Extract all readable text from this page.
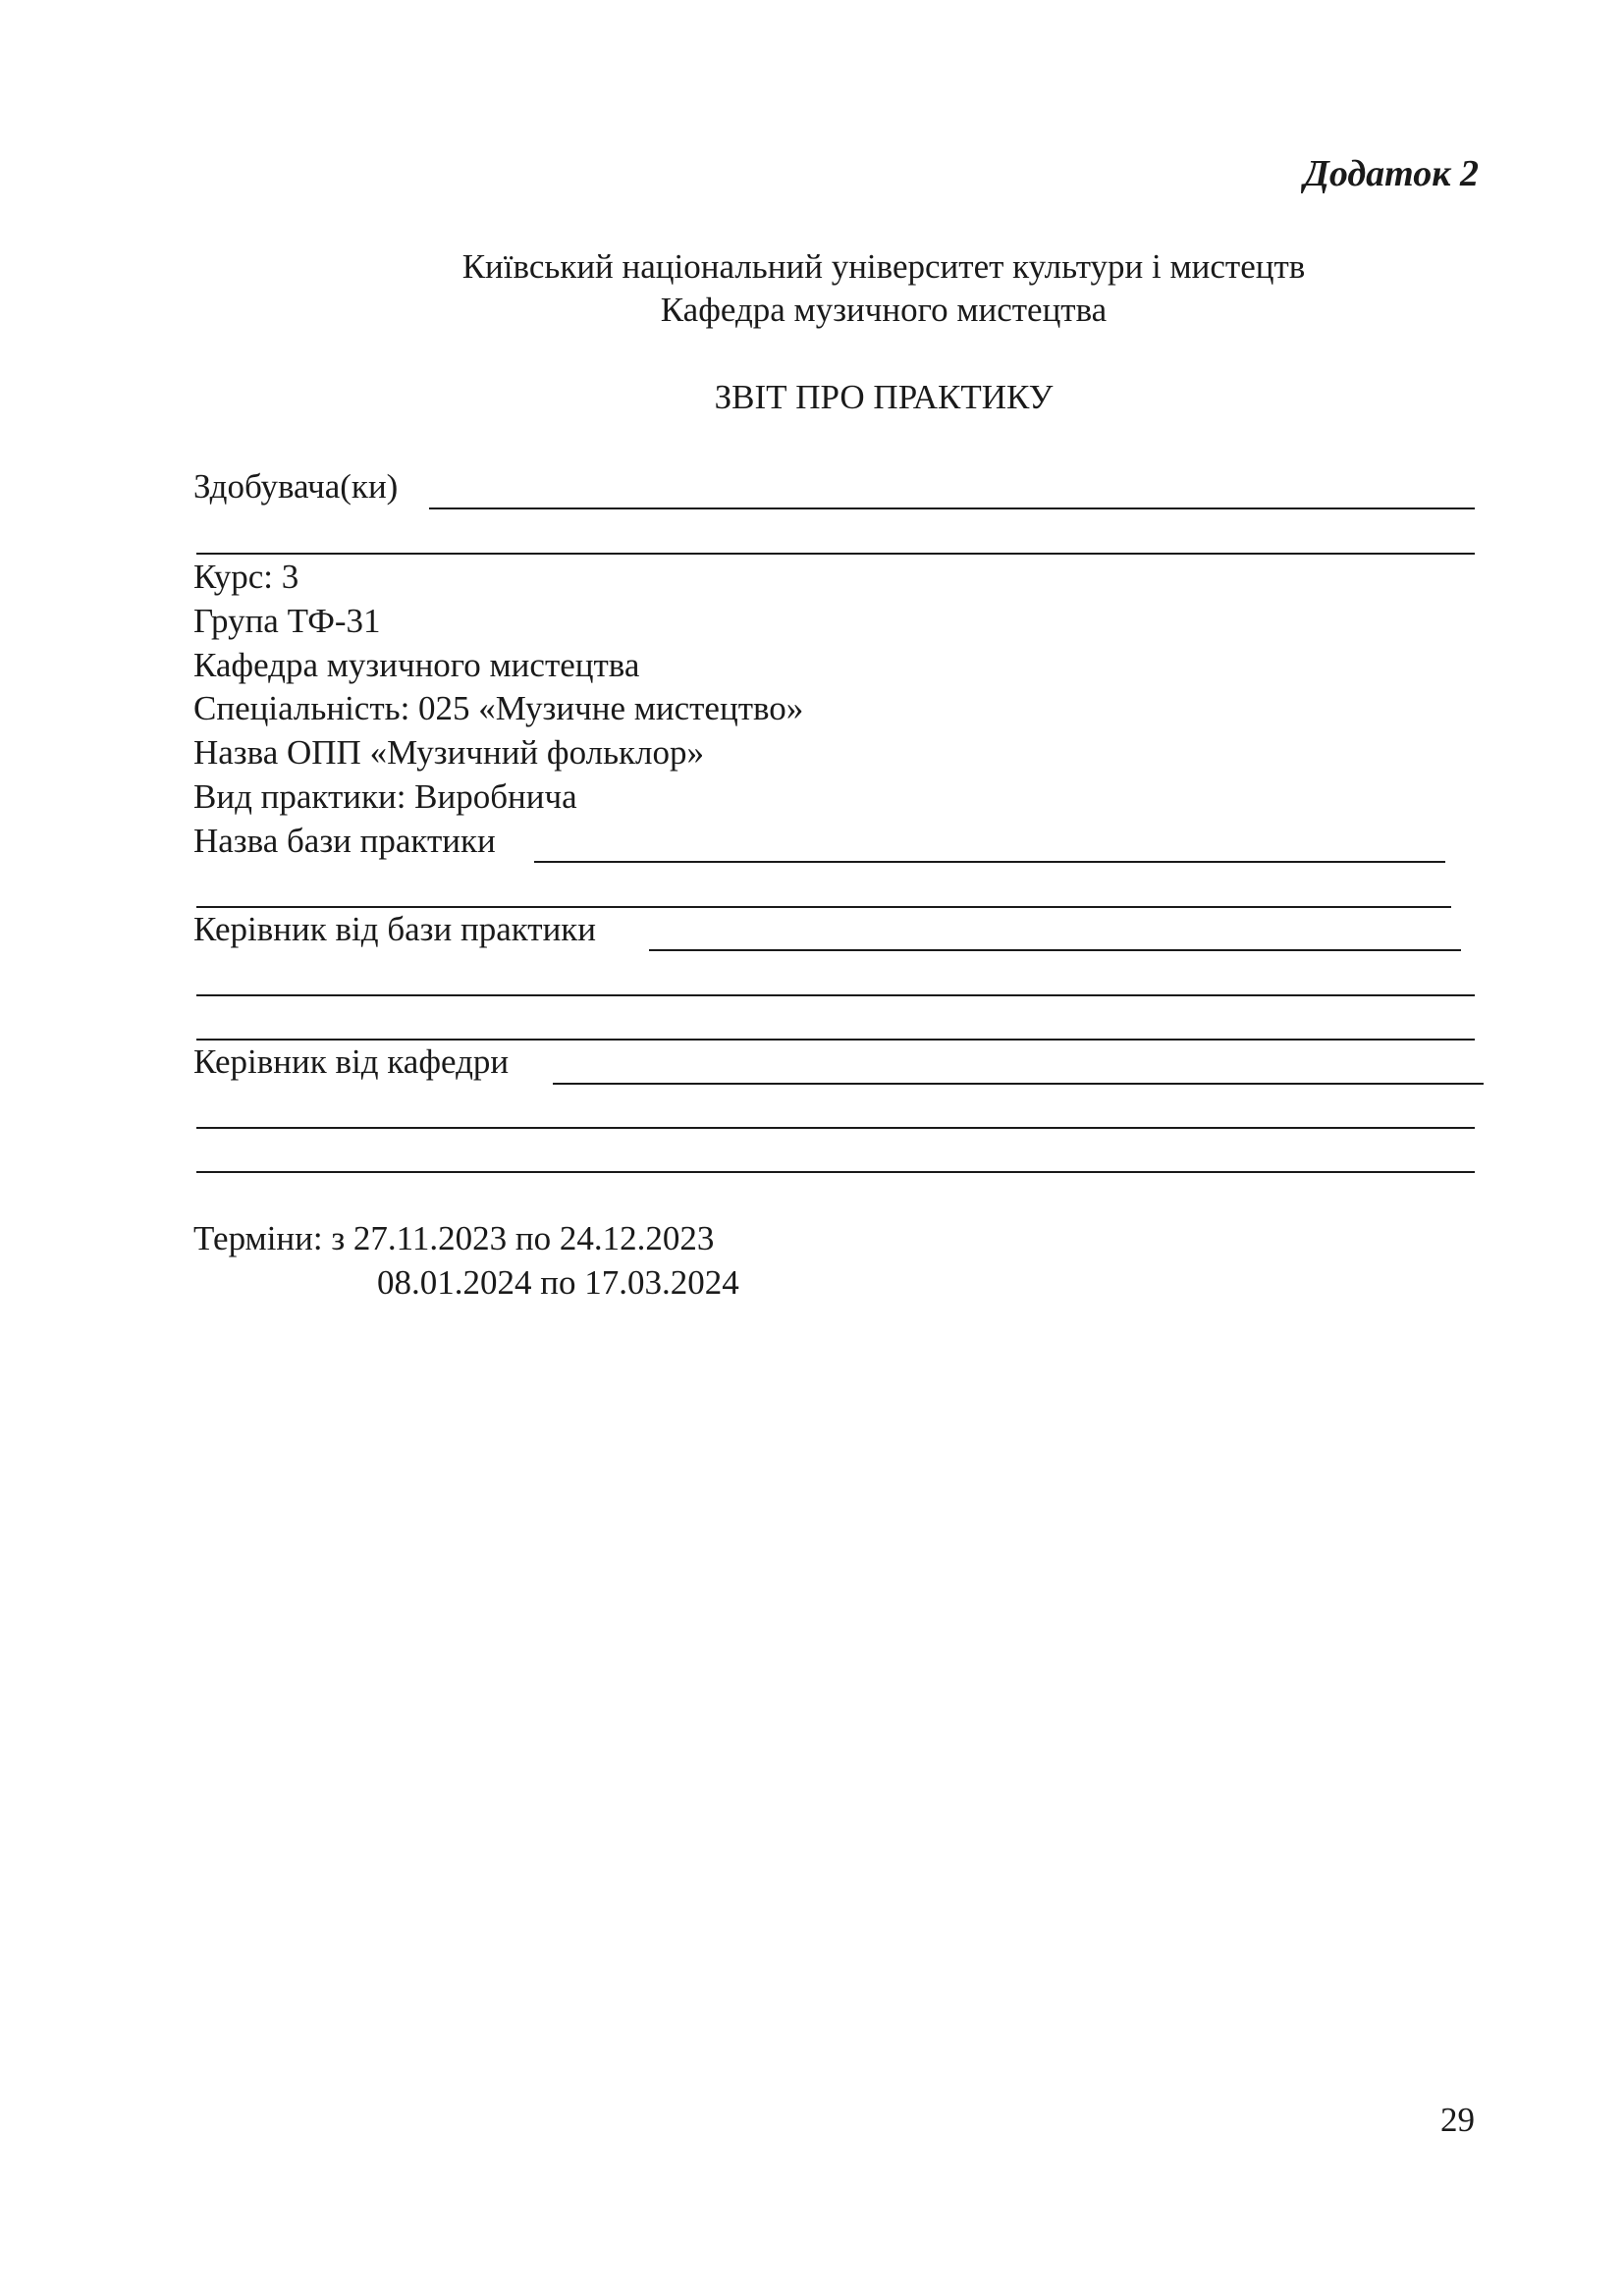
Додаток 2
Київський національний університет культури і мистецтв
Кафедра музичного мистецтва
ЗВІТ ПРО ПРАКТИКУ
Здобувача(ки)
Курс: 3
Група ТФ-31
Кафедра музичного мистецтва
Спеціальність: 025 «Музичне мистецтво»
Назва ОПП «Музичний фольклор»
Вид практики: Виробнича
Назва бази практики
Керівник від бази практики
Керівник від кафедри
Терміни: з 27.11.2023 по 24.12.2023
08.01.2024 по 17.03.2024
29
